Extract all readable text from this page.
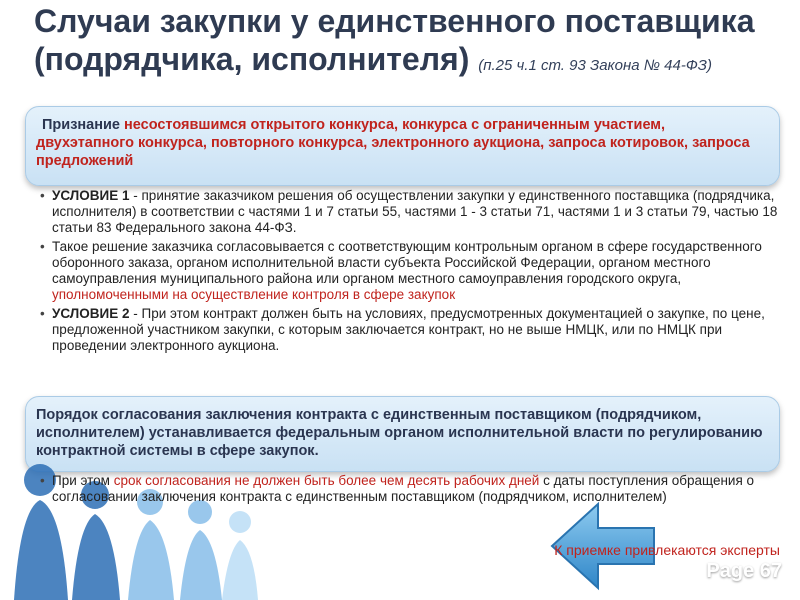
Случаи закупки у единственного поставщика (подрядчика, исполнителя) (п.25 ч.1 ст. 93 Закона № 44-ФЗ)
Признание несостоявшимся открытого конкурса, конкурса с ограниченным участием, двухэтапного конкурса, повторного конкурса, электронного аукциона, запроса котировок, запроса предложений
• УСЛОВИЕ 1 - принятие заказчиком решения об осуществлении закупки у единственного поставщика (подрядчика, исполнителя) в соответствии с частями 1 и 7 статьи 55, частями 1 - 3 статьи 71, частями 1 и 3 статьи 79, частью 18 статьи 83 Федерального закона 44-ФЗ.
• Такое решение заказчика согласовывается с соответствующим контрольным органом в сфере государственного оборонного заказа, органом исполнительной власти субъекта Российской Федерации, органом местного самоуправления муниципального района или органом местного самоуправления городского округа, уполномоченными на осуществление контроля в сфере закупок
• УСЛОВИЕ 2 - При этом контракт должен быть на условиях, предусмотренных документацией о закупке, по цене, предложенной участником закупки, с которым заключается контракт, но не выше НМЦК, или по НМЦК при проведении электронного аукциона.
Порядок согласования заключения контракта с единственным поставщиком (подрядчиком, исполнителем) устанавливается федеральным органом исполнительной власти по регулированию контрактной системы в сфере закупок.
• При этом срок согласования не должен быть более чем десять рабочих дней с даты поступления обращения о согласовании заключения контракта с единственным поставщиком (подрядчиком, исполнителем)
К приемке привлекаются эксперты
Page 67
